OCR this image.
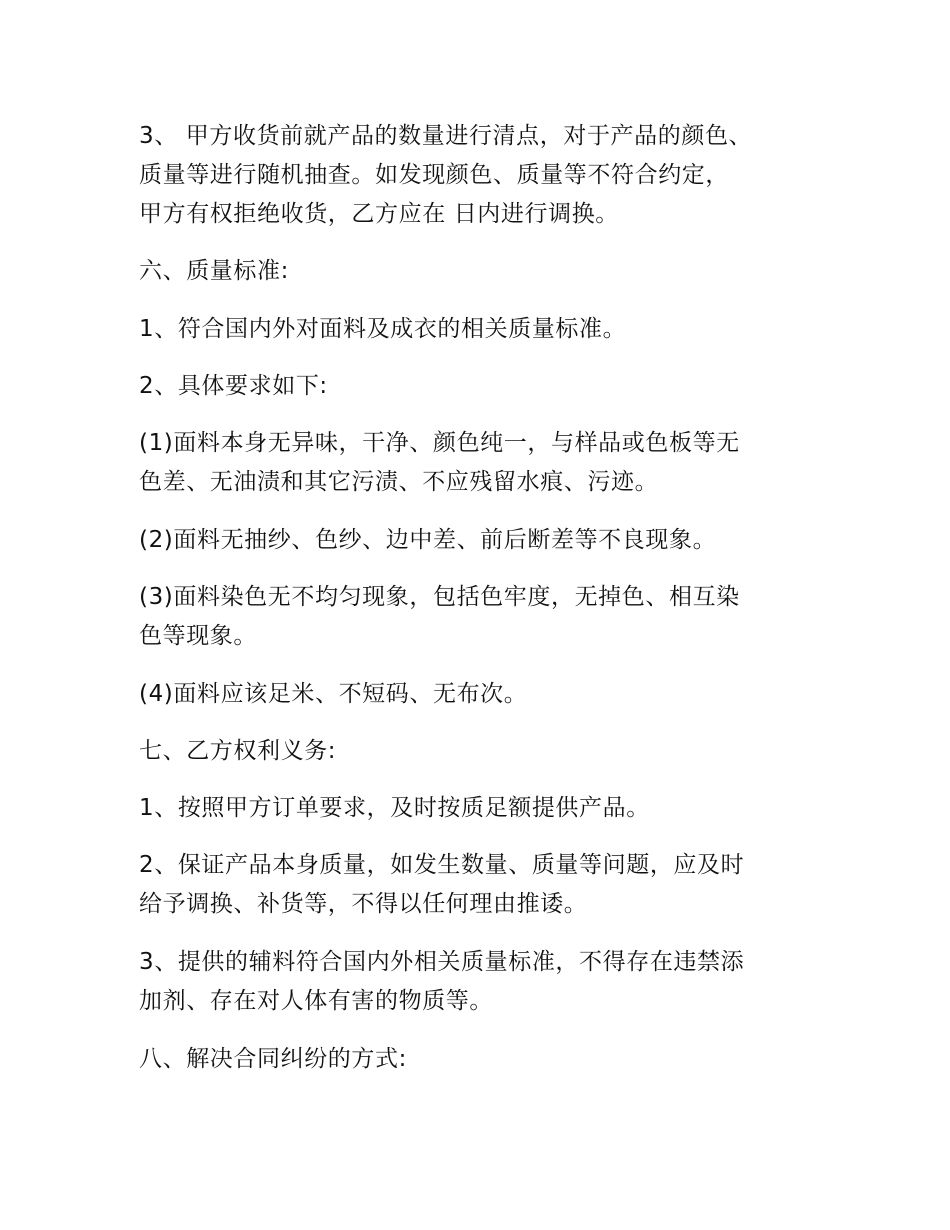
3、 甲方收货前就产品的数量进行清点，对于产品的颜色、
质量等进行随机抽查。如发现颜色、质量等不符合约定，
甲方有权拒绝收货，乙方应在 日内进行调换。
六、质量标准:
1、符合国内外对面料及成衣的相关质量标准。
2、具体要求如下:
(1)面料本身无异味，干净、颜色纯一，与样品或色板等无
色差、无油渍和其它污渍、不应残留水痕、污迹。
(2)面料无抽纱、色纱、边中差、前后断差等不良现象。
(3)面料染色无不均匀现象，包括色牢度，无掉色、相互染
色等现象。
(4)面料应该足米、不短码、无布次。
七、乙方权利义务:
1、按照甲方订单要求，及时按质足额提供产品。
2、保证产品本身质量，如发生数量、质量等问题，应及时
给予调换、补货等，不得以任何理由推诿。
3、提供的辅料符合国内外相关质量标准，不得存在违禁添
加剂、存在对人体有害的物质等。
八、解决合同纠纷的方式:
